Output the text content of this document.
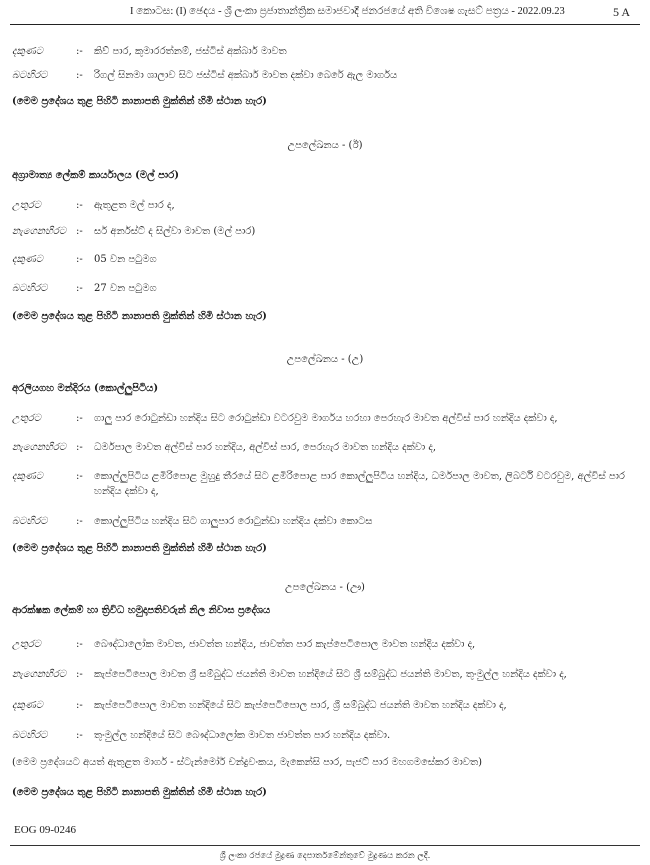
I කොටස: (I) ඡෙදය - ශ්‍රී ලංකා ප්‍රජාතාන්ත්‍රික සමාජවාදී ජනරජයේ අති විශෙෂ ගැසට් පත්‍රය - 2022.09.23	5 A
දකුණට	:-	කිව් පාර, කුමාරරත්නම්, ජස්ටිස් අක්බාර් මාවත
බටහිරට	:-	රිගල් සිනමා ශාලාව සිට ජස්ටිස් අක්බාර් මාවත දක්වා බෙරේ ඇල මාර්ගය
(මෙම ප්‍රදේශය තුළ පිහිටි නානාපති මුක්තින් හිමි ස්ථාන හැර)
උපලේඛනය - (ඊ)
අග්‍රාමාත්‍ය ලේකම් කාර්යාලය (මල් පාර)
උතුරට	:-	ඇතුළත මල් පාර ද,
නැගෙනහිරට :-	සර් අර්නස්ට් ද සිල්වා මාවත (මල් පාර)
දකුණට	:-	05 වන පටුමග
බටහිරට	:-	27 වන පටුමග
(මෙම ප්‍රදේශය තුළ පිහිටි නානාපති මුක්තින් හිමි ස්ථාන හැර)
උපලේඛනය - (උ)
අරලියගහ මන්දිරය (කොල්ලුපිටිය)
උතුරට	:-	ගාලු පාර රොටුන්ඩා හන්දිය සිට රොටුන්ඩා වටරවුම මාර්ගය හරහා පෙරහැර මාවත අල්විස් පාර හන්දිය දක්වා ද,
නැගෙනහිරට :-	ධර්මපාල මාවත අල්විස් පාර හන්දිය, අල්විස් පාර, පෙරහැර මාවත හන්දිය දක්වා ද,
දකුණට	:-	කොල්ලුපිටිය ළමිරිපොළ මුහුදු තීරයේ සිට ළමිරිපොළ පාර කොල්ලුපිටිය හන්දිය, ධර්මපාල මාවත, ලිබර්ටි වටරවුම, අල්විස් පාර හන්දිය දක්වා ද,
බටහිරට	:-	කොල්ලුපිටිය හන්දිය සිට ගාලුපාර රොටුන්ඩා හන්දිය දක්වා කොටස
(මෙම ප්‍රදේශය තුළ පිහිටි නානාපති මුක්තින් හිමි ස්ථාන හැර)
උපලේඛනය - (ඌ)
ආරක්ෂක ලේකම් හා ත්‍රිවිධ හමුදාපතිවරුන් නිල නිවාස ප්‍රදේශය
උතුරට	:-	බෞද්ධාලෝක මාවත, ජාවත්ත හන්දිය, ජාවත්ත පාර කැප්පෙටිපොල මාවත හන්දිය දක්වා ද,
නැගෙනහිරට :-	කැප්පෙටිපොල මාවත ශ්‍රී සම්බුද්ධ ජයන්ති මාවත හන්දියේ සිට ශ්‍රී සම්බුද්ධ ජයන්ති මාවත, තුංමුල්ල හන්දිය දක්වා ද,
දකුණට	:-	කැප්පෙටිපොල මාවත හන්දියේ සිට කැප්පෙටිපොල පාර, ශ්‍රී සම්බුද්ධ ජයන්ති මාවත හන්දිය දක්වා ද,
බටහිරට	:-	තුංමුල්ල හන්දියේ සිට බෞද්ධාලෝක මාවත ජාවත්ත පාර හන්දිය දක්වා.
(මෙම ප්‍රදේශයට අයත් ඇතුළත මාර්ග - ස්ටැන්මෝර් චන්ද්‍රවංකය, මැකෙන්සි පාර, පැජට් පාර මහගමසේකර මාවත)
(මෙම ප්‍රදේශය තුළ පිහිටි නානාපති මුක්තින් හිමි ස්ථාන හැර)
EOG 09-0246
ශ්‍රී ලංකා රජයේ මුද්‍රණ දෙපාර්තමේන්තුවේ මුද්‍රණය කරන ලදී.
